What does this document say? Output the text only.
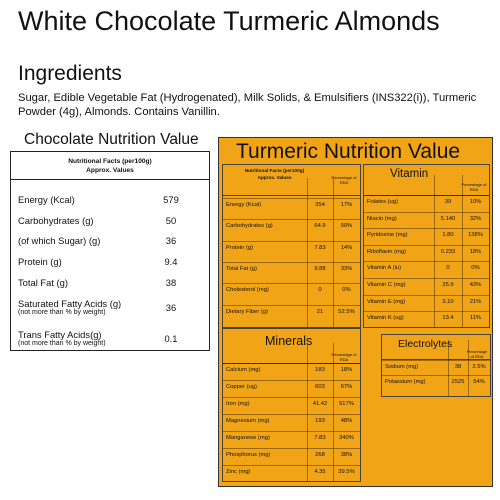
White Chocolate Turmeric Almonds
Ingredients
Sugar, Edible Vegetable Fat (Hydrogenated), Milk Solids, & Emulsifiers (INS322(i)), Turmeric Powder (4g), Almonds. Contains Vanillin.
Chocolate Nutrition Value
Nutritional Facts (per100g)
Approx. Values
Energy (Kcal)	579
Carbohydrates (g)	50
(of which Sugar) (g)	36
Protein (g)	9.4
Total Fat (g)	38
Saturated Fatty Acids (g)
(not more than % by weight)	36
Trans Fatty Acids(g)
(not more than % by weight)	0.1
Turmeric Nutrition Value
Nutritional Facts (per100g)
Approx. Values	Percentage of RDA
Energy (Kcal)	354	17%
Carbohydrates (g)	64.9	50%
Protein (g)	7.83	14%
Total Fat (g)	9.88	33%
Cholesterol (mg)	0	0%
Dietary Fiber (g)	21	52.5%
Vitamin
Percentage of RDA
Folates (ug)	39	10%
Niacin (mg)	5.140	32%
Pyridoxine (mg)	1.80	138%
Riboflavin (mg)	0.233	18%
Vitamin A (iu)	0	0%
Vitamin C (mg)	25.9	43%
Vitamin E (mg)	3.10	21%
Vitamin K (ug)	13.4	11%
Minerals
Percentage of RDA
Calcium (mg)	183	18%
Copper (ug)	603	67%
Iron (mg)	41.42	517%
Magnesium (mg)	193	48%
Manganese (mg)	7.83	340%
Phosphorus (mg)	268	38%
Zinc (mg)	4.35	39.5%
Electrolytes
Percentage of RDA
Sodium (mg)	38	2.5%
Potassium (mg)	2525	54%
